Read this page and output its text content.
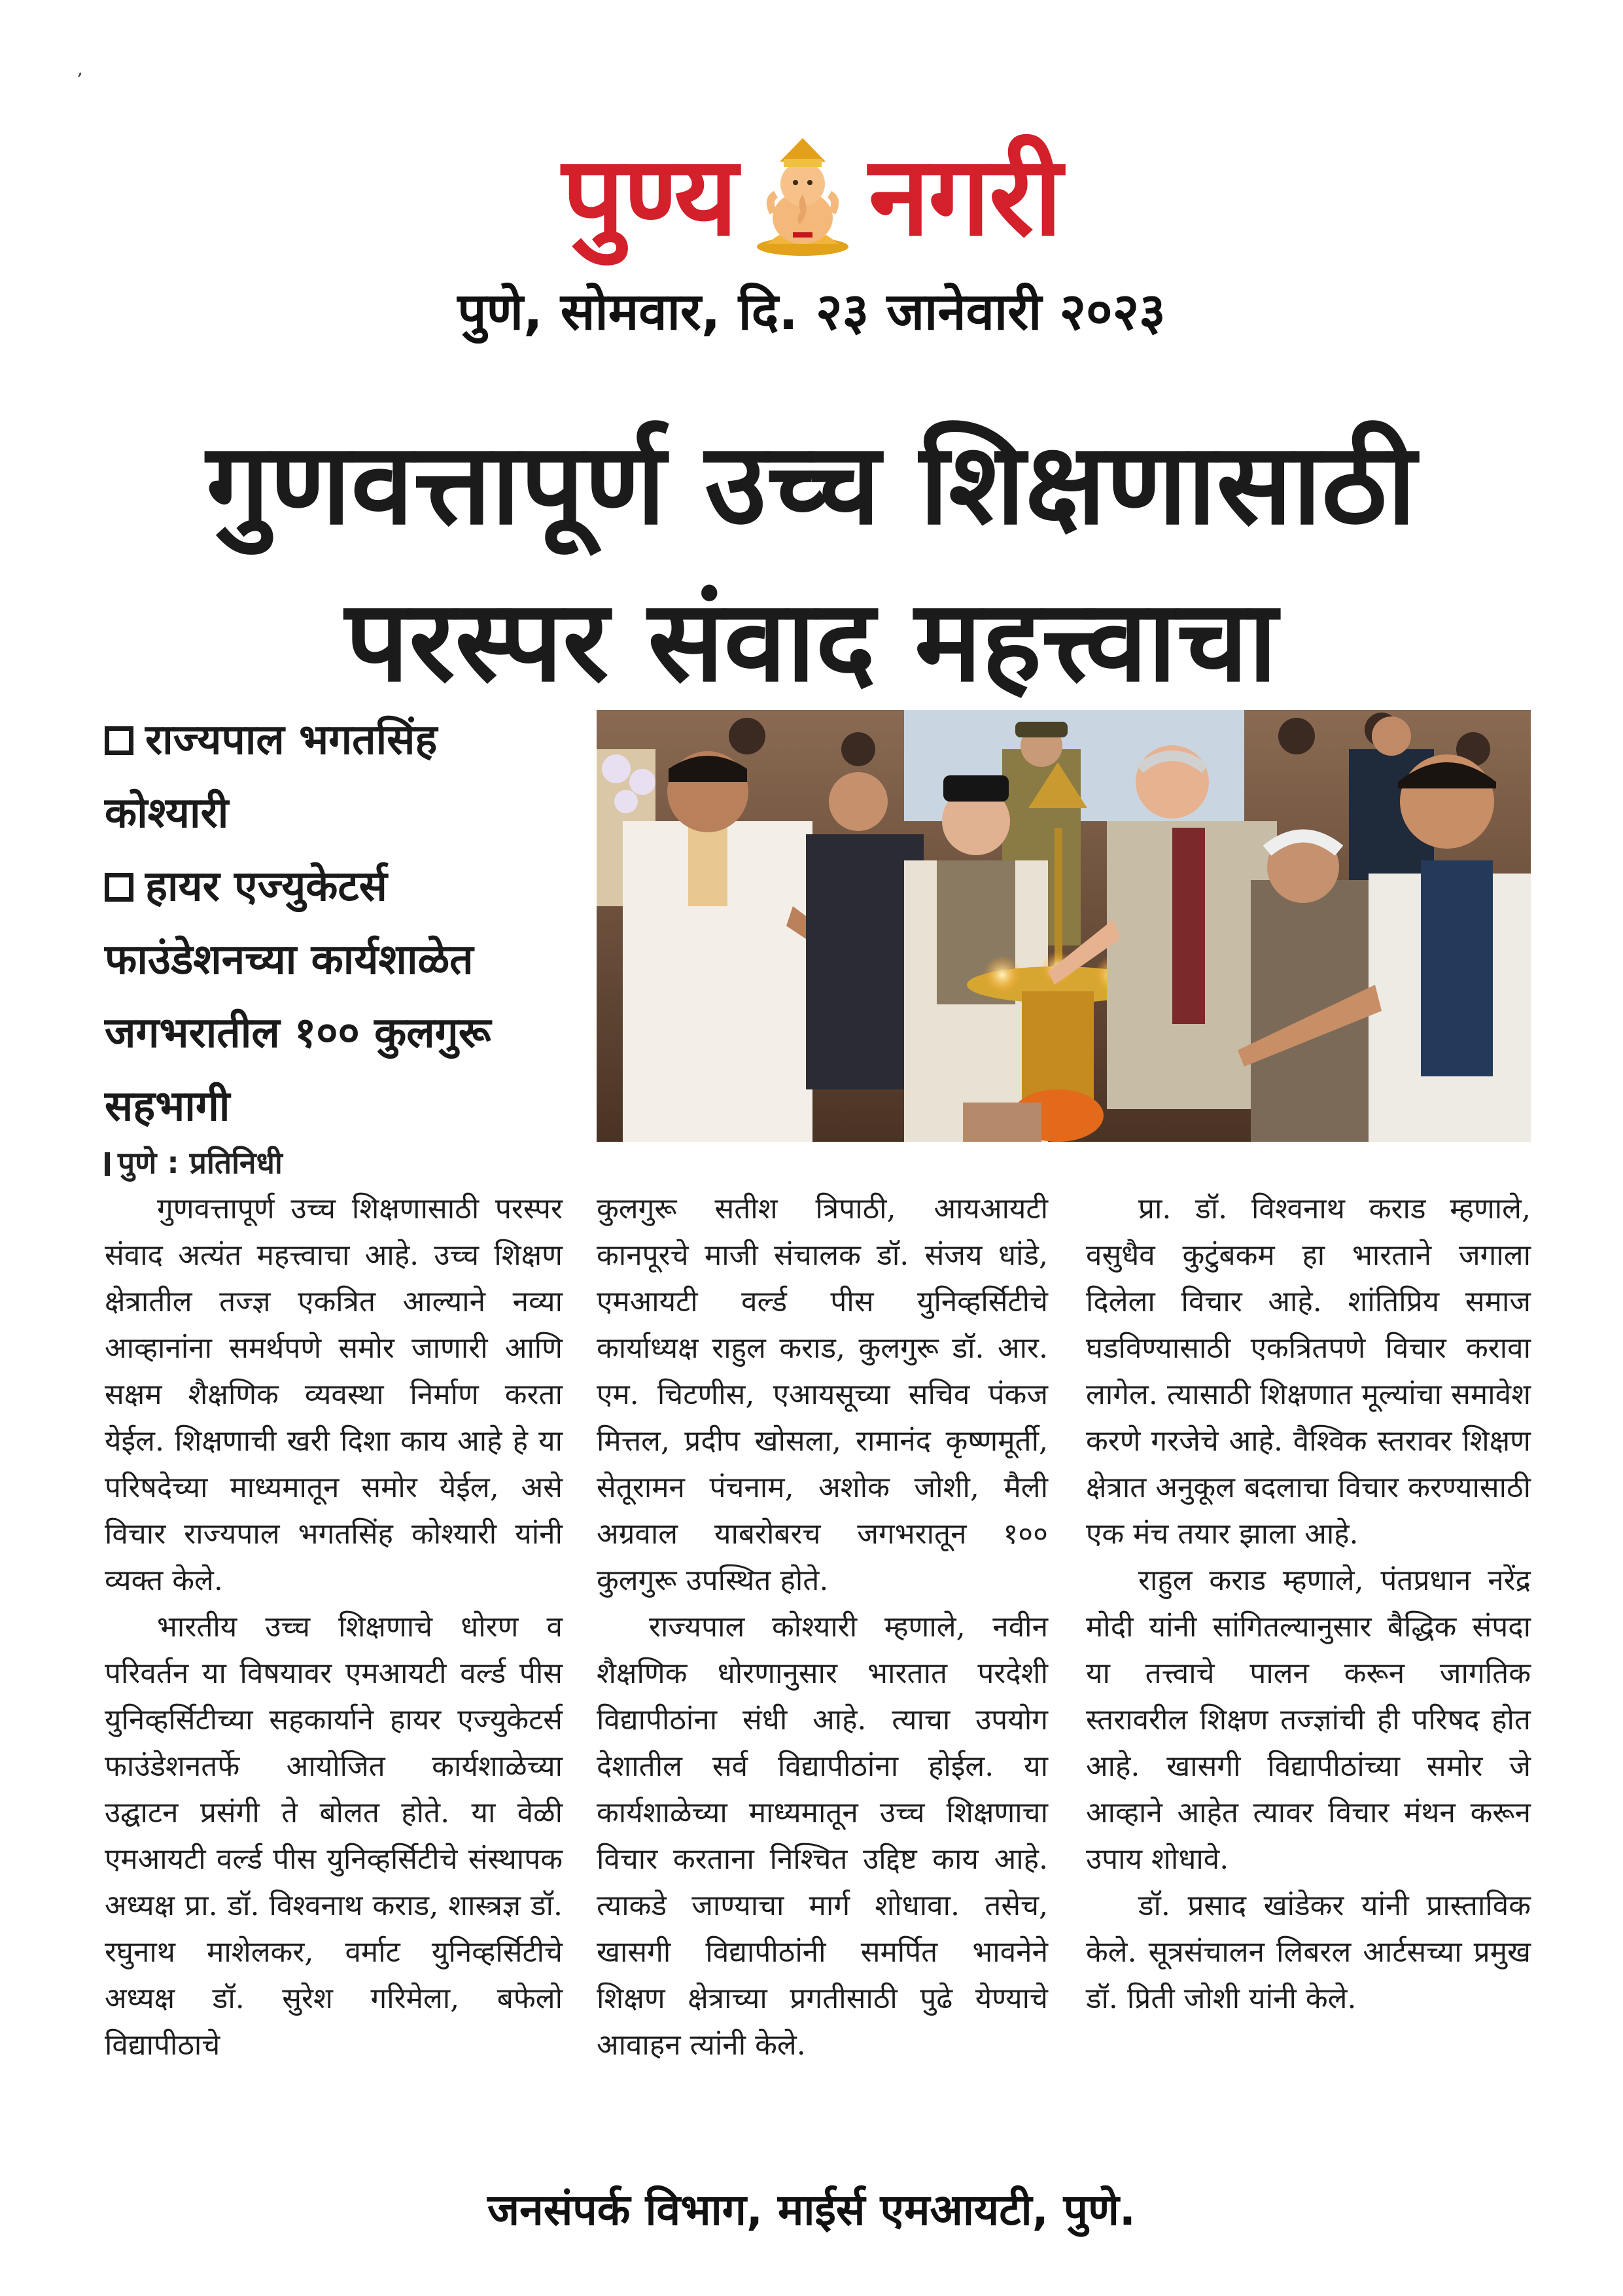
,
पुण्य नगरी
पुणे, सोमवार, दि. २३ जानेवारी २०२३
गुणवत्तापूर्ण उच्च शिक्षणासाठी
परस्पर संवाद महत्त्वाचा

राज्यपाल भगतसिंह कोश्यारी

हायर एज्युकेटर्स फाउंडेशनच्या कार्यशाळेत जगभरातील १०० कुलगुरू सहभागी

पुणे : प्रतिनिधी

गुणवत्तापूर्ण उच्च शिक्षणासाठी परस्पर संवाद अत्यंत महत्त्वाचा आहे. उच्च शिक्षण क्षेत्रातील तज्ज्ञ एकत्रित आल्याने नव्या आव्हानांना समर्थपणे समोर जाणारी आणि सक्षम शैक्षणिक व्यवस्था निर्माण करता येईल. शिक्षणाची खरी दिशा काय आहे हे या परिषदेच्या माध्यमातून समोर येईल, असे विचार राज्यपाल भगतसिंह कोश्यारी यांनी व्यक्त केले.

भारतीय उच्च शिक्षणाचे धोरण व परिवर्तन या विषयावर एमआयटी वर्ल्ड पीस युनिव्हर्सिटीच्या सहकार्याने हायर एज्युकेटर्स फाउंडेशनतर्फे आयोजित कार्यशाळेच्या उद्घाटन प्रसंगी ते बोलत होते. या वेळी एमआयटी वर्ल्ड पीस युनिव्हर्सिटीचे संस्थापक अध्यक्ष प्रा. डॉ. विश्वनाथ कराड, शास्त्रज्ञ डॉ. रघुनाथ माशेलकर, वर्माट युनिव्हर्सिटीचे अध्यक्ष डॉ. सुरेश गरिमेला, बफेलो विद्यापीठाचे

कुलगुरू सतीश त्रिपाठी, आयआयटी कानपूरचे माजी संचालक डॉ. संजय धांडे, एमआयटी वर्ल्ड पीस युनिव्हर्सिटीचे कार्याध्यक्ष राहुल कराड, कुलगुरू डॉ. आर. एम. चिटणीस, एआयसूच्या सचिव पंकज मित्तल, प्रदीप खोसला, रामानंद कृष्णमूर्ती, सेतूरामन पंचनाम, अशोक जोशी, मैली अग्रवाल याबरोबरच जगभरातून १०० कुलगुरू उपस्थित होते.

राज्यपाल कोश्यारी म्हणाले, नवीन शैक्षणिक धोरणानुसार भारतात परदेशी विद्यापीठांना संधी आहे. त्याचा उपयोग देशातील सर्व विद्यापीठांना होईल. या कार्यशाळेच्या माध्यमातून उच्च शिक्षणाचा विचार करताना निश्चित उद्दिष्ट काय आहे. त्याकडे जाण्याचा मार्ग शोधावा. तसेच, खासगी विद्यापीठांनी समर्पित भावनेने शिक्षण क्षेत्राच्या प्रगतीसाठी पुढे येण्याचे आवाहन त्यांनी केले.

प्रा. डॉ. विश्वनाथ कराड म्हणाले, वसुधैव कुटुंबकम हा भारताने जगाला दिलेला विचार आहे. शांतिप्रिय समाज घडविण्यासाठी एकत्रितपणे विचार करावा लागेल. त्यासाठी शिक्षणात मूल्यांचा समावेश करणे गरजेचे आहे. वैश्विक स्तरावर शिक्षण क्षेत्रात अनुकूल बदलाचा विचार करण्यासाठी एक मंच तयार झाला आहे.

राहुल कराड म्हणाले, पंतप्रधान नरेंद्र मोदी यांनी सांगितल्यानुसार बैद्धिक संपदा या तत्त्वाचे पालन करून जागतिक स्तरावरील शिक्षण तज्ज्ञांची ही परिषद होत आहे. खासगी विद्यापीठांच्या समोर जे आव्हाने आहेत त्यावर विचार मंथन करून उपाय शोधावे.

डॉ. प्रसाद खांडेकर यांनी प्रास्ताविक केले. सूत्रसंचालन लिबरल आर्टसच्या प्रमुख डॉ. प्रिती जोशी यांनी केले.

जनसंपर्क विभाग, माईर्स एमआयटी, पुणे.
